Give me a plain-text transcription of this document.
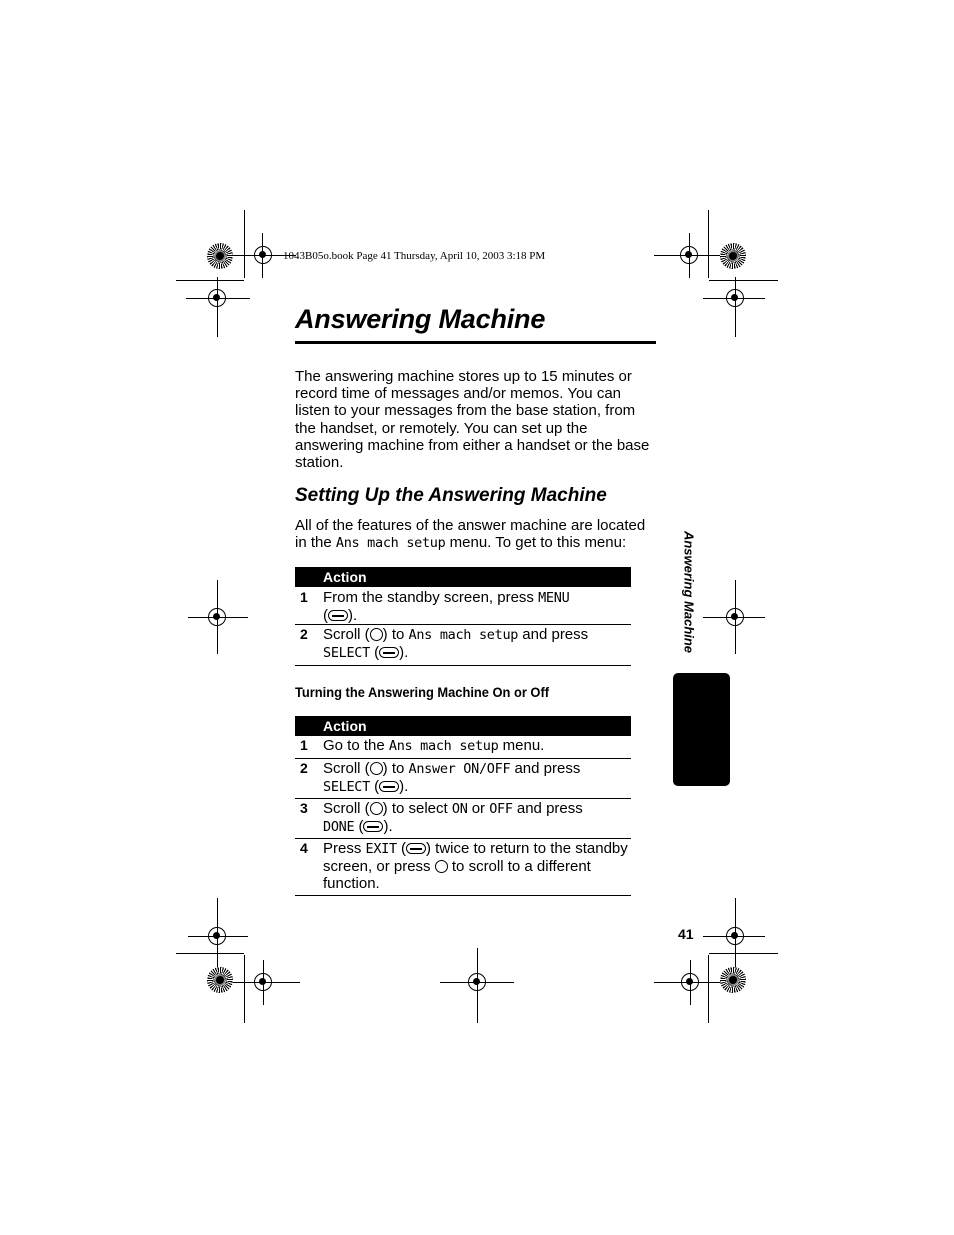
1043B05o.book Page 41 Thursday, April 10, 2003 3:18 PM
Answering Machine
The answering machine stores up to 15 minutes or record time of messages and/or memos. You can listen to your messages from the base station, from the handset, or remotely. You can set up the answering machine from either a handset or the base station.
Setting Up the Answering Machine
All of the features of the answer machine are located in the Ans mach setup menu. To get to this menu:
Action
1 From the standby screen, press MENU
( ).
2 Scroll ( ) to Ans mach setup and press
SELECT ( ).
Turning the Answering Machine On or Off
Action
1 Go to the Ans mach setup menu.
2 Scroll ( ) to Answer ON/OFF and press
SELECT ( ).
3 Scroll ( ) to select ON or OFF and press
DONE ( ).
4 Press EXIT ( ) twice to return to the standby screen, or press  to scroll to a different function.
Answering Machine
41
